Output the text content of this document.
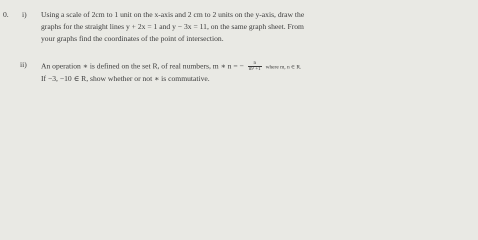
0. i) Using a scale of 2cm to 1 unit on the x-axis and 2 cm to 2 units on the y-axis, draw the
graphs for the straight lines y + 2x = 1 and y − 3x = 11, on the same graph sheet. From
your graphs find the coordinates of the point of intersection.
ii) An operation ∗ is defined on the set R, of real numbers, m ∗ n = − $\frac{n}{\text{m² +1}}$ where m, n ∈ R.
If −3, −10 ∈ R, show whether or not ∗ is commutative.
